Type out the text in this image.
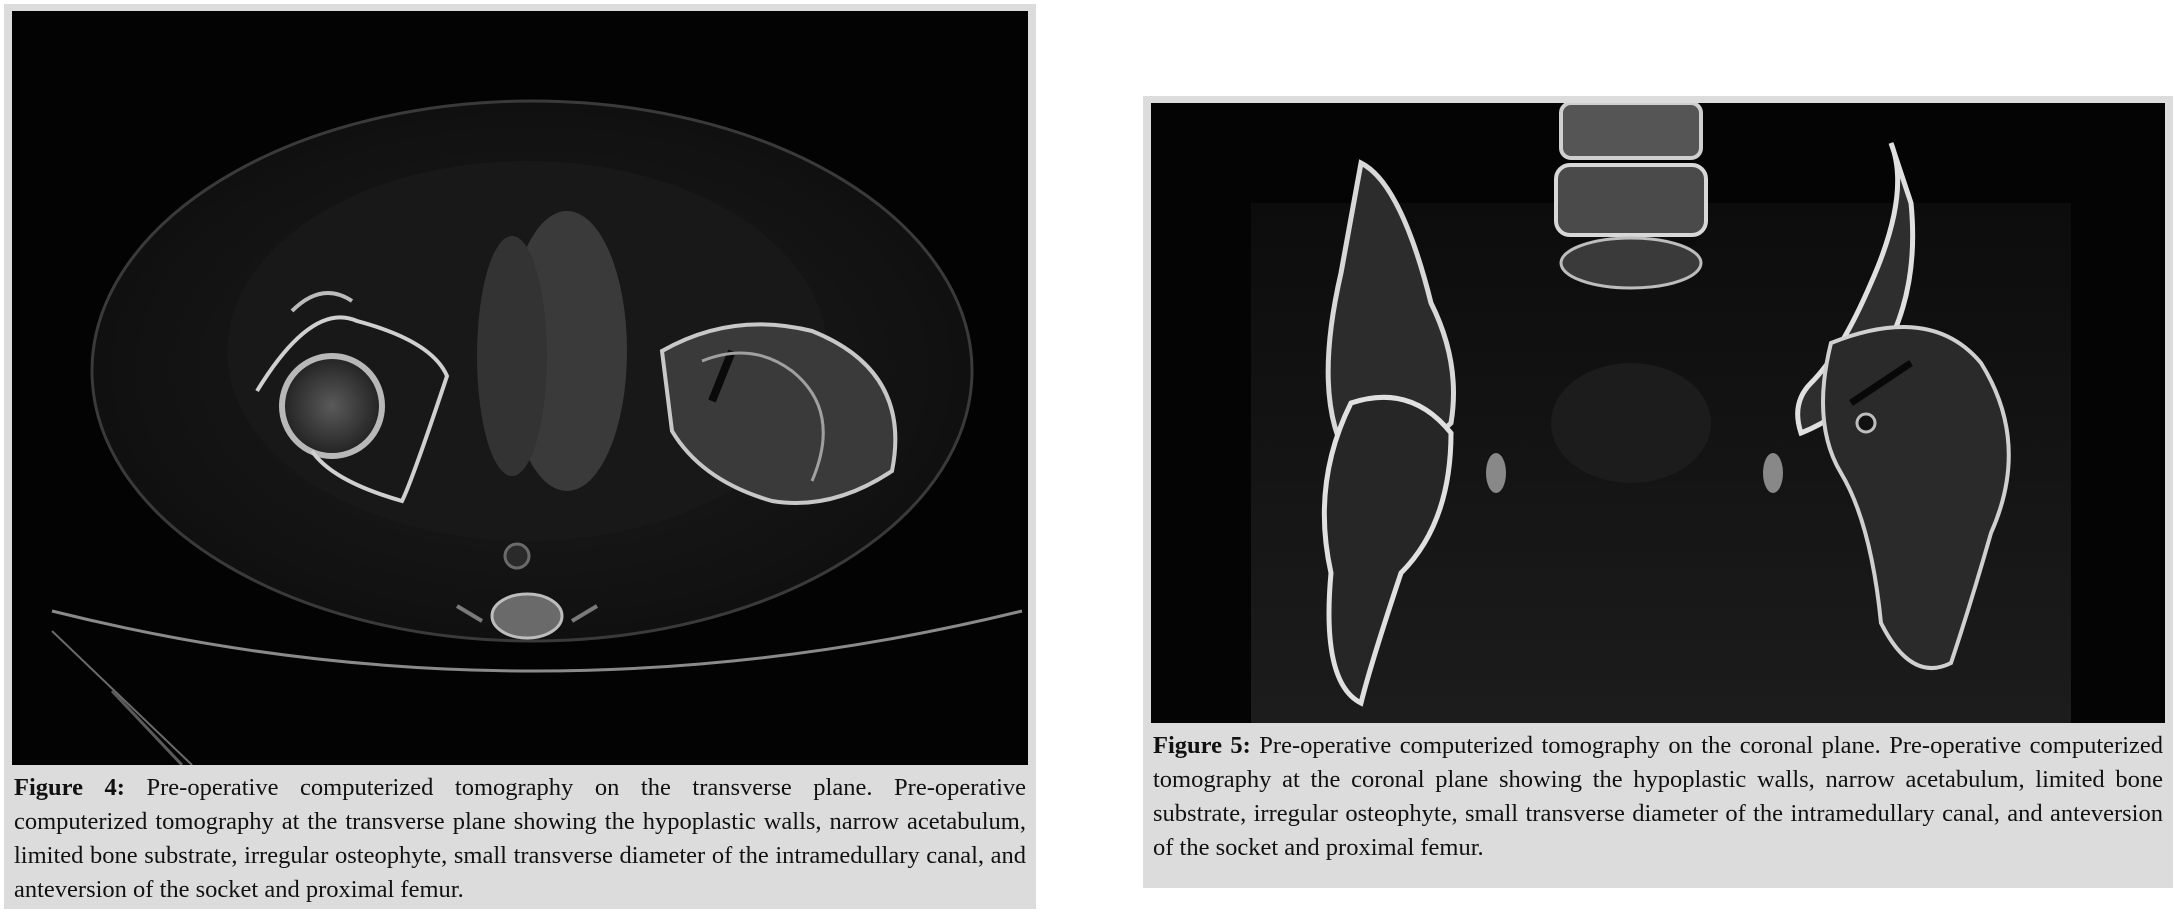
Figure 4: Pre-operative computerized tomography on the transverse plane. Pre-operative computerized tomography at the transverse plane showing the hypoplastic walls, narrow acetabulum, limited bone substrate, irregular osteophyte, small transverse diameter of the intramedullary canal, and anteversion of the socket and proximal femur.

Figure 5: Pre-operative computerized tomography on the coronal plane. Pre-operative computerized tomography at the coronal plane showing the hypoplastic walls, narrow acetabulum, limited bone substrate, irregular osteophyte, small transverse diameter of the intramedullary canal, and anteversion of the socket and proximal femur.
